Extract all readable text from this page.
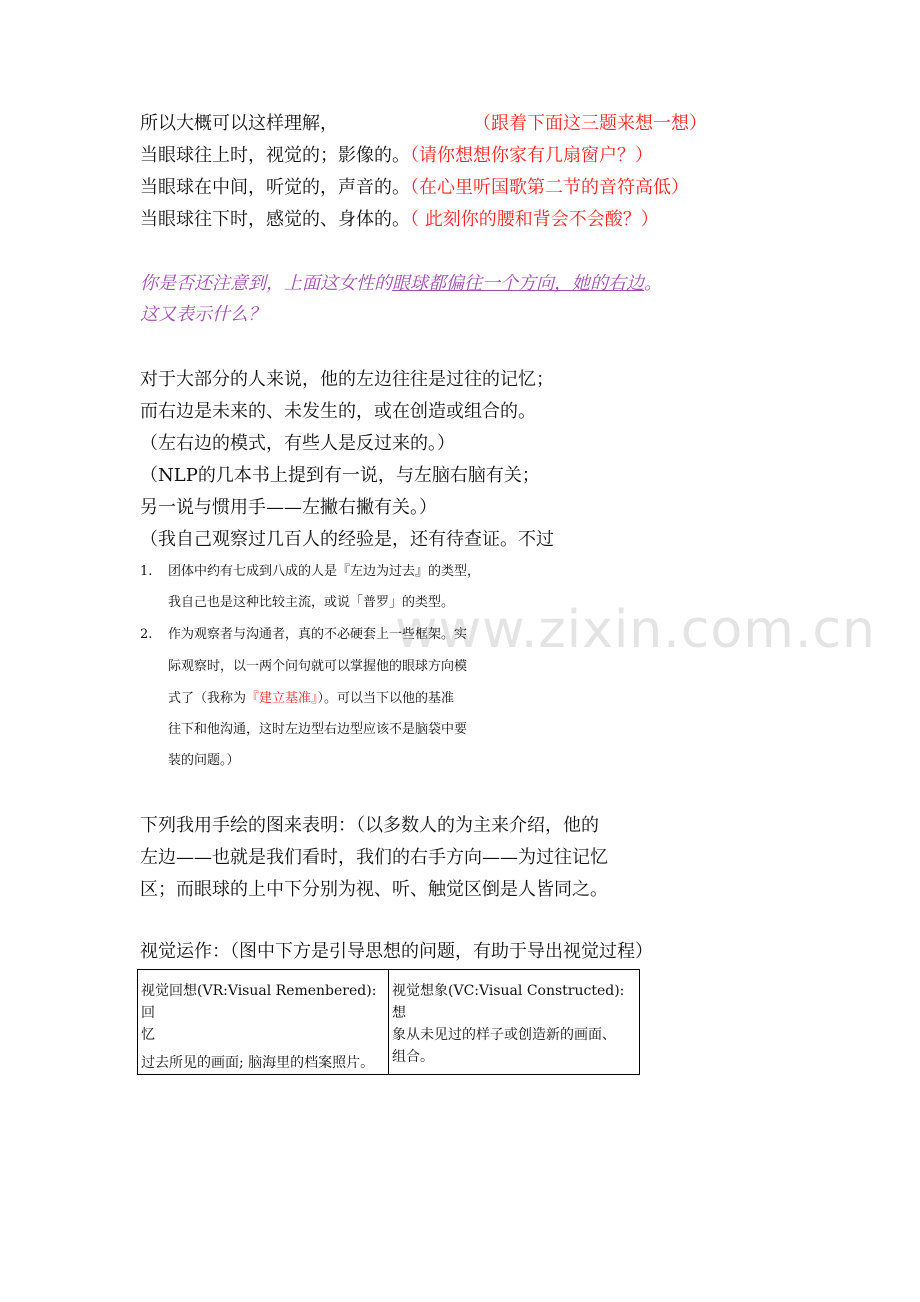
www.zixin.com.cn
所以大概可以这样理解，	（跟着下面这三题来想一想）
当眼球往上时，视觉的；影像的。（请你想想你家有几扇窗户？）
当眼球在中间，听觉的，声音的。（在心里听国歌第二节的音符高低）
当眼球往下时，感觉的、身体的。（ 此刻你的腰和背会不会酸？）
你是否还注意到，上面这女性的眼球都偏往一个方向，她的右边。
这又表示什么？
对于大部分的人来说，他的左边往往是过往的记忆；
而右边是未来的、未发生的，或在创造或组合的。
（左右边的模式，有些人是反过来的。）
（NLP的几本书上提到有一说，与左脑右脑有关；
另一说与惯用手——左撇右撇有关。）
（我自己观察过几百人的经验是，还有待查证。不过
1. 团体中约有七成到八成的人是『左边为过去』的类型，
我自己也是这种比较主流，或说「普罗」的类型。
2. 作为观察者与沟通者，真的不必硬套上一些框架。实
际观察时，以一两个问句就可以掌握他的眼球方向模
式了（我称为『建立基准』）。可以当下以他的基准
往下和他沟通，这时左边型右边型应该不是脑袋中要
装的问题。）
下列我用手绘的图来表明：（以多数人的为主来介绍，他的
左边——也就是我们看时，我们的右手方向——为过往记忆
区；而眼球的上中下分别为视、听、触觉区倒是人皆同之。
视觉运作：（图中下方是引导思想的问题，有助于导出视觉过程）
视觉回想(VR:Visual Remenbered):回
忆
过去所见的画面; 脑海里的档案照片。

视觉想象(VC:Visual Constructed):想
象从未见过的样子或创造新的画面、
组合。
